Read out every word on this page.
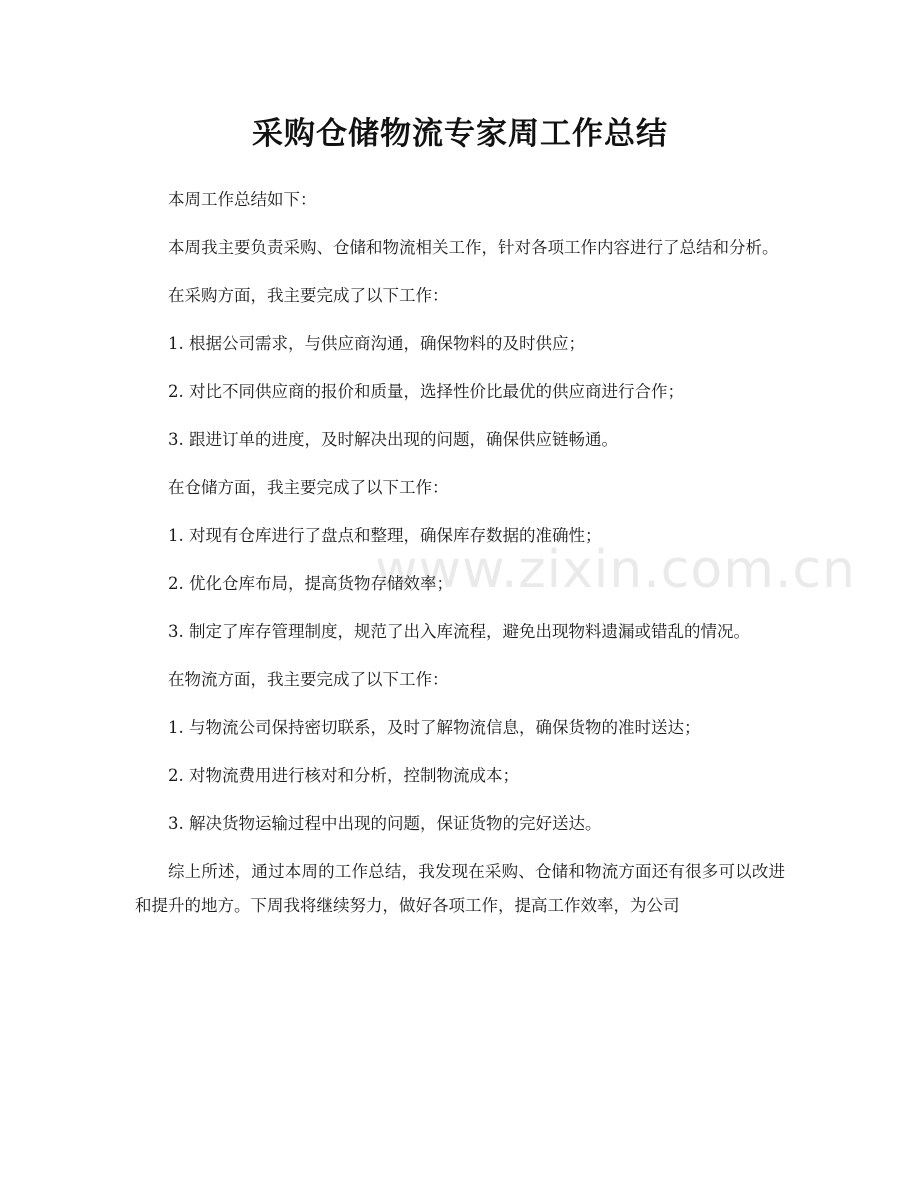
采购仓储物流专家周工作总结
www.zixin.com.cn

本周工作总结如下：

本周我主要负责采购、仓储和物流相关工作，针对各项工作内容进行了总结和分析。

在采购方面，我主要完成了以下工作：

1. 根据公司需求，与供应商沟通，确保物料的及时供应；

2. 对比不同供应商的报价和质量，选择性价比最优的供应商进行合作；

3. 跟进订单的进度，及时解决出现的问题，确保供应链畅通。

在仓储方面，我主要完成了以下工作：

1. 对现有仓库进行了盘点和整理，确保库存数据的准确性；

2. 优化仓库布局，提高货物存储效率；

3. 制定了库存管理制度，规范了出入库流程，避免出现物料遗漏或错乱的情况。

在物流方面，我主要完成了以下工作：

1. 与物流公司保持密切联系，及时了解物流信息，确保货物的准时送达；

2. 对物流费用进行核对和分析，控制物流成本；

3. 解决货物运输过程中出现的问题，保证货物的完好送达。

综上所述，通过本周的工作总结，我发现在采购、仓储和物流方面还有很多可以改进和提升的地方。下周我将继续努力，做好各项工作，提高工作效率，为公司
